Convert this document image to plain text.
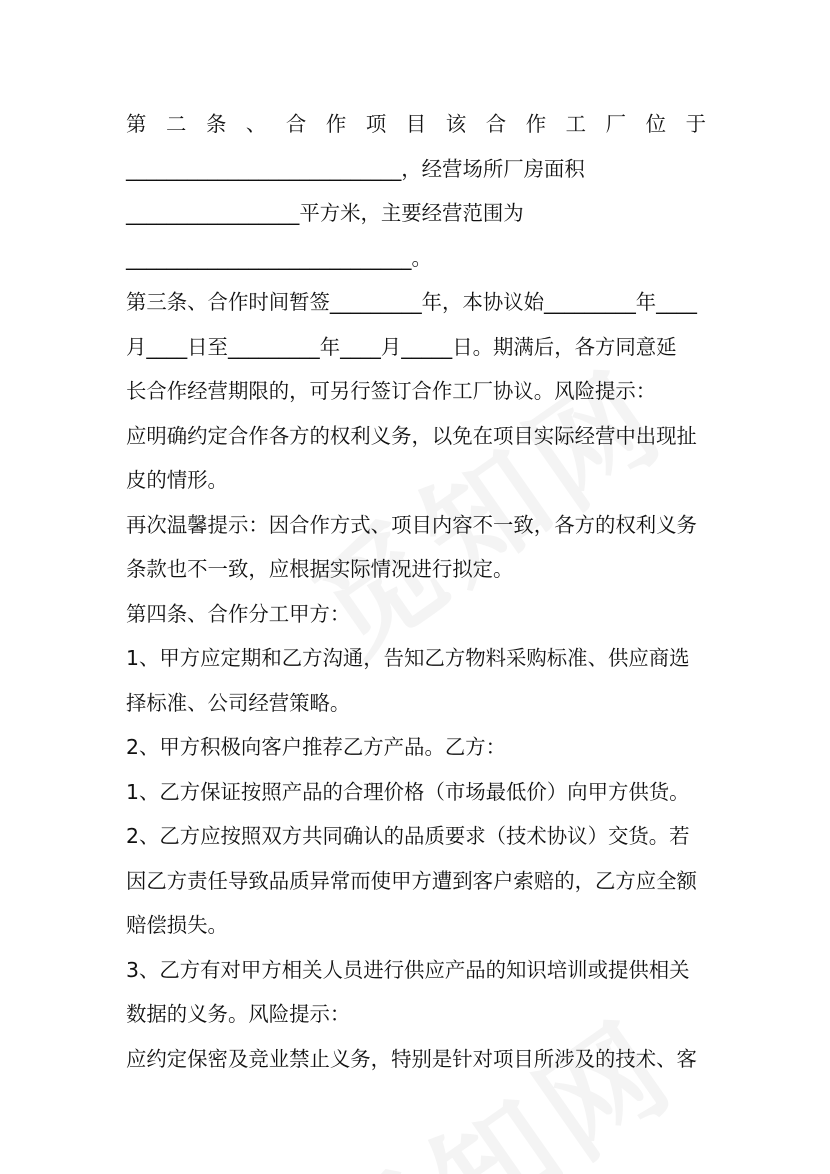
第 二 条 、 合 作 项 目 该 合 作 工 厂 位 于
___________________________，经营场所厂房面积
_________________平方米，主要经营范围为
____________________________。
第三条、合作时间暂签_________年，本协议始_________年____
月____日至_________年____月_____日。期满后，各方同意延
长合作经营期限的，可另行签订合作工厂协议。风险提示：
应明确约定合作各方的权利义务，以免在项目实际经营中出现扯
皮的情形。
再次温馨提示：因合作方式、项目内容不一致，各方的权利义务
条款也不一致，应根据实际情况进行拟定。
第四条、合作分工甲方：
1、甲方应定期和乙方沟通，告知乙方物料采购标准、供应商选
择标准、公司经营策略。
2、甲方积极向客户推荐乙方产品。乙方：
1、乙方保证按照产品的合理价格（市场最低价）向甲方供货。
2、乙方应按照双方共同确认的品质要求（技术协议）交货。若
因乙方责任导致品质异常而使甲方遭到客户索赔的，乙方应全额
赔偿损失。
3、乙方有对甲方相关人员进行供应产品的知识培训或提供相关
数据的义务。风险提示：
应约定保密及竞业禁止义务，特别是针对项目所涉及的技术、客
